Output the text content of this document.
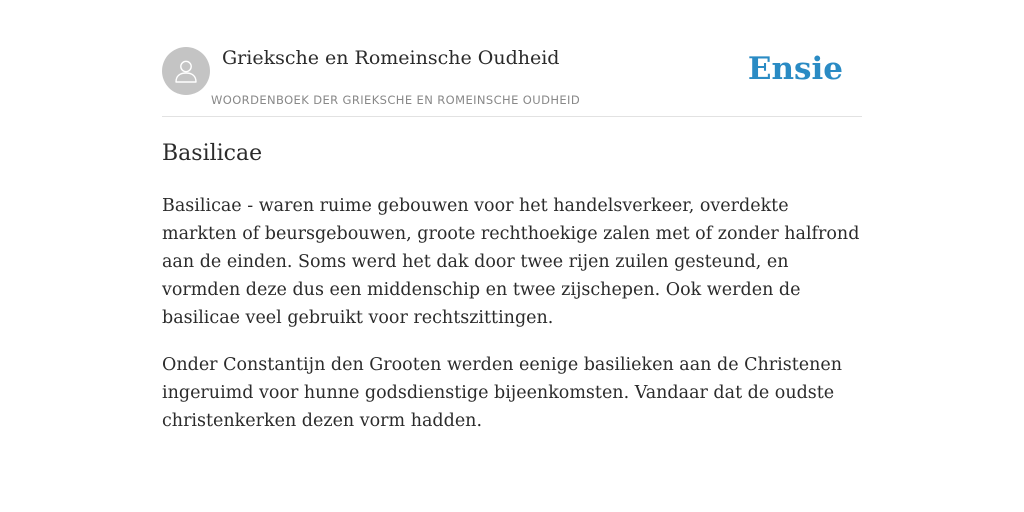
Grieksche en Romeinsche Oudheid
WOORDENBOEK DER GRIEKSCHE EN ROMEINSCHE OUDHEID
Ensie
Basilicae

Basilicae - waren ruime gebouwen voor het handelsverkeer, overdekte markten of beursgebouwen, groote rechthoekige zalen met of zonder halfrond aan de einden. Soms werd het dak door twee rijen zuilen gesteund, en vormden deze dus een middenschip en twee zijschepen. Ook werden de basilicae veel gebruikt voor rechtszittingen.

Onder Constantijn den Grooten werden eenige basilieken aan de Christenen ingeruimd voor hunne godsdienstige bijeenkomsten. Vandaar dat de oudste christenkerken dezen vorm hadden.
